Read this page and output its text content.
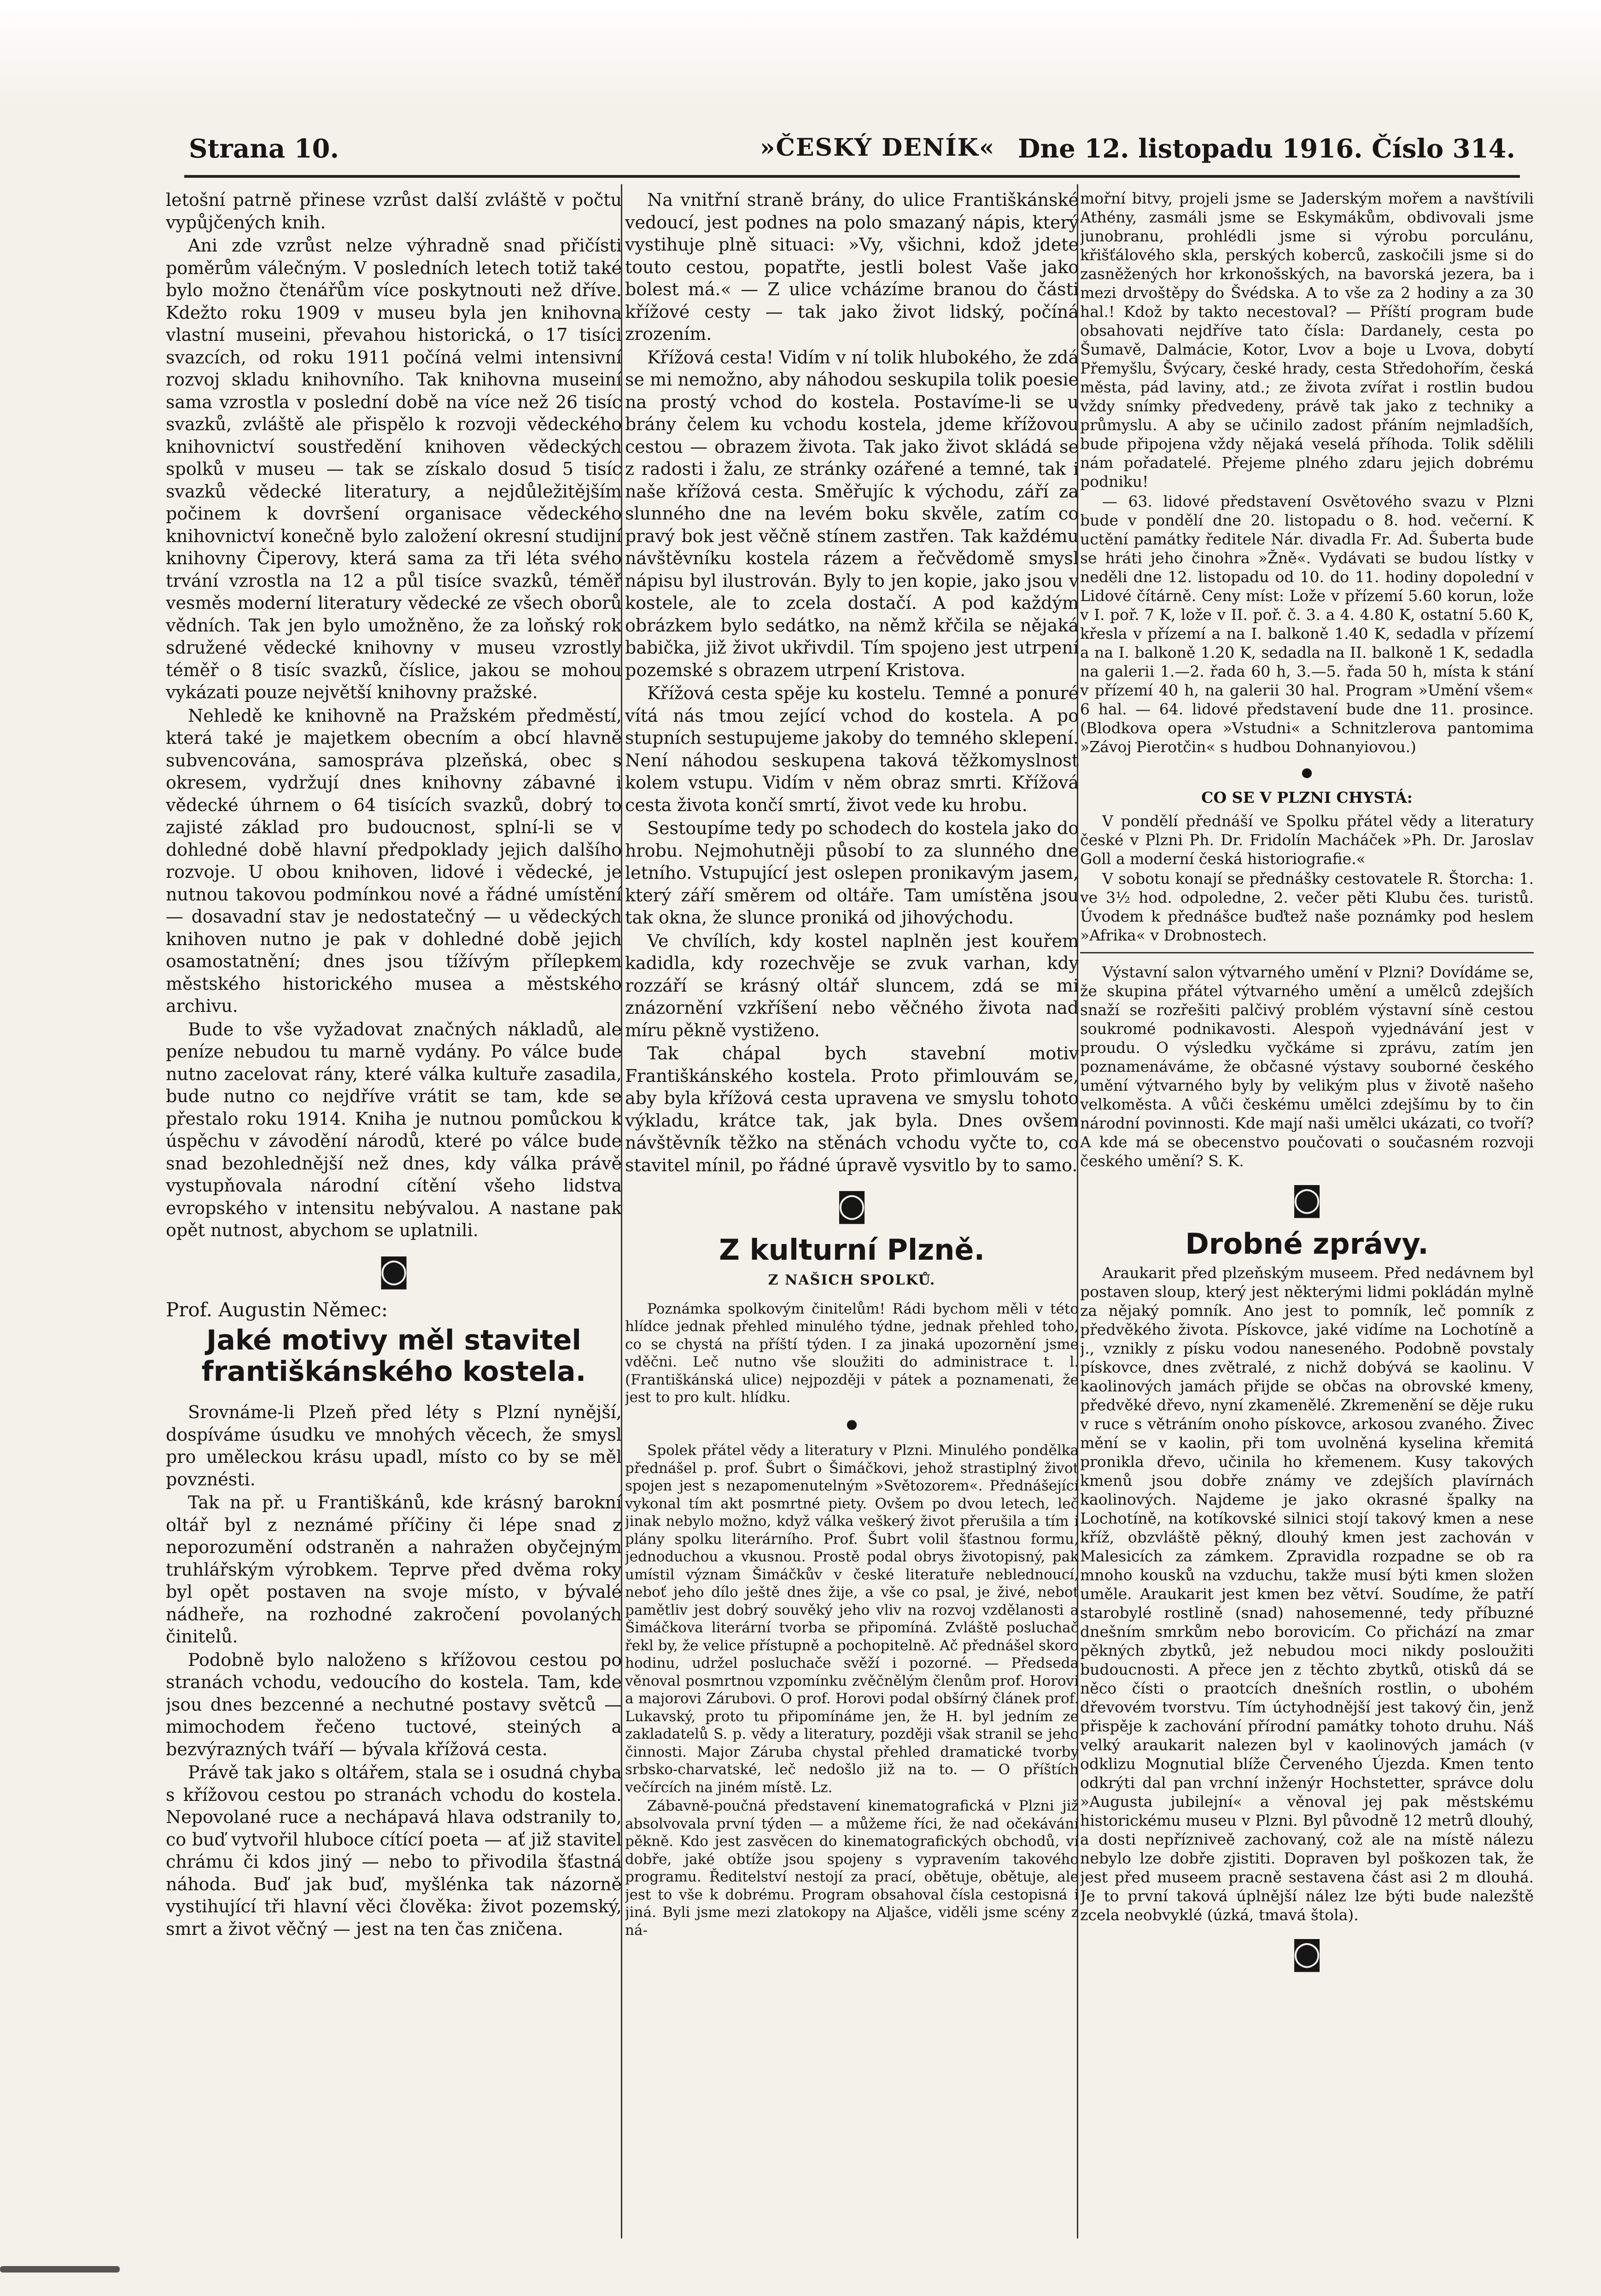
Strana 10.	»ČESKÝ DENÍK« Dne 12. listopadu 1916. Číslo 314.

letošní patrně přinese vzrůst další zvláště v počtu vypůjčených knih.

Ani zde vzrůst nelze výhradně snad přičísti poměrům válečným. V posledních letech totiž také bylo možno čtenářům více poskytnouti než dříve. Kdežto roku 1909 v museu byla jen knihovna vlastní museini, převahou historická, o 17 tisíci svazcích, od roku 1911 počíná velmi intensivní rozvoj skladu knihovního. Tak knihovna museiní sama vzrostla v poslední době na více než 26 tisíc svazků, zvláště ale přispělo k rozvoji vědeckého knihovnictví soustředění knihoven vědeckých spolků v museu — tak se získalo dosud 5 tisíc svazků vědecké literatury, a nejdůležitějším počinem k dovršení organisace vědeckého knihovnictví konečně bylo založení okresní studijní knihovny Čiperovy, která sama za tři léta svého trvání vzrostla na 12 a půl tisíce svazků, téměř vesměs moderní literatury vědecké ze všech oborů vědních. Tak jen bylo umožněno, že za loňský rok sdružené vědecké knihovny v museu vzrostly téměř o 8 tisíc svazků, číslice, jakou se mohou vykázati pouze největší knihovny pražské.

Nehledě ke knihovně na Pražském předměstí, která také je majetkem obecním a obcí hlavně subvencována, samospráva plzeňská, obec s okresem, vydržují dnes knihovny zábavné i vědecké úhrnem o 64 tisících svazků, dobrý to zajisté základ pro budoucnost, splní-li se v dohledné době hlavní předpoklady jejich dalšího rozvoje. U obou knihoven, lidové i vědecké, je nutnou takovou podmínkou nové a řádné umístění — dosavadní stav je nedostatečný — u vědeckých knihoven nutno je pak v dohledné době jejich osamostatnění; dnes jsou tížívým přílepkem městského historického musea a městského archivu.

Bude to vše vyžadovat značných nákladů, ale peníze nebudou tu marně vydány. Po válce bude nutno zacelovat rány, které válka kultuře zasadila, bude nutno co nejdříve vrátit se tam, kde se přestalo roku 1914. Kniha je nutnou pomůckou k úspěchu v závodění národů, které po válce bude snad bezohlednější než dnes, kdy válka právě vystupňovala národní cítění všeho lidstva evropského v intensitu nebývalou. A nastane pak opět nutnost, abychom se uplatnili.

◙
Prof. Augustin Němec:
Jaké motivy měl stavitel františkánského kostela.

Srovnáme-li Plzeň před léty s Plzní nynější, dospíváme úsudku ve mnohých věcech, že smysl pro uměleckou krásu upadl, místo co by se měl povznésti.

Tak na př. u Františkánů, kde krásný barokní oltář byl z neznámé příčiny či lépe snad z neporozumění odstraněn a nahražen obyčejným truhlářským výrobkem. Teprve před dvěma roky byl opět postaven na svoje místo, v bývalé nádheře, na rozhodné zakročení povolaných činitelů.

Podobně bylo naloženo s křížovou cestou po stranách vchodu, vedoucího do kostela. Tam, kde jsou dnes bezcenné a nechutné postavy světců — mimochodem řečeno tuctové, steiných a bezvýrazných tváří — bývala křížová cesta.

Právě tak jako s oltářem, stala se i osudná chyba s křížovou cestou po stranách vchodu do kostela. Nepovolané ruce a nechápavá hlava odstranily to, co buď vytvořil hluboce cítící poeta — ať již stavitel chrámu či kdos jiný — nebo to přivodila šťastná náhoda. Buď jak buď, myšlénka tak názorně vystihující tři hlavní věci člověka: život pozemský, smrt a život věčný — jest na ten čas zničena.

Na vnitřní straně brány, do ulice Františkánské vedoucí, jest podnes na polo smazaný nápis, který vystihuje plně situaci: »Vy, všichni, kdož jdete touto cestou, popatřte, jestli bolest Vaše jako bolest má.« — Z ulice vcházíme branou do části křížové cesty — tak jako život lidský, počíná zrozením.

Křížová cesta! Vidím v ní tolik hlubokého, že zdá se mi nemožno, aby náhodou seskupila tolik poesie na prostý vchod do kostela. Postavíme-li se u brány čelem ku vchodu kostela, jdeme křížovou cestou — obrazem života. Tak jako život skládá se z radosti i žalu, ze stránky ozářené a temné, tak i naše křížová cesta. Směřujíc k východu, září za slunného dne na levém boku skvěle, zatím co pravý bok jest věčně stínem zastřen. Tak každému návštěvníku kostela rázem a řečvědomě smysl nápisu byl ilustrován. Byly to jen kopie, jako jsou v kostele, ale to zcela dostačí. A pod každým obrázkem bylo sedátko, na němž křčila se nějaká babička, již život ukřivdil. Tím spojeno jest utrpení pozemské s obrazem utrpení Kristova.

Křížová cesta spěje ku kostelu. Temné a ponuré vítá nás tmou zející vchod do kostela. A po stupních sestupujeme jakoby do temného sklepení. Není náhodou seskupena taková těžkomyslnost kolem vstupu. Vidím v něm obraz smrti. Křížová cesta života končí smrtí, život vede ku hrobu.

Sestoupíme tedy po schodech do kostela jako do hrobu. Nejmohutněji působí to za slunného dne letního. Vstupující jest oslepen pronikavým jasem, který září směrem od oltáře. Tam umístěna jsou tak okna, že slunce proniká od jihovýchodu.

Ve chvílích, kdy kostel naplněn jest kouřem kadidla, kdy rozechvěje se zvuk varhan, kdy rozzáří se krásný oltář sluncem, zdá se mi znázornění vzkříšení nebo věčného života nad míru pěkně vystiženo.

Tak chápal bych stavební motiv Františkánského kostela. Proto přimlouvám se, aby byla křížová cesta upravena ve smyslu tohoto výkladu, krátce tak, jak byla. Dnes ovšem návštěvník těžko na stěnách vchodu vyčte to, co stavitel mínil, po řádné úpravě vysvitlo by to samo.

◙
Z kulturní Plzně.
Z NAŠICH SPOLKŮ.

Poznámka spolkovým činitelům! Rádi bychom měli v této hlídce jednak přehled minulého týdne, jednak přehled toho, co se chystá na příští týden. I za jinaká upozornění jsme vděčni. Leč nutno vše sloužiti do administrace t. l. (Františkánská ulice) nejpozději v pátek a poznamenati, že jest to pro kult. hlídku.

●

Spolek přátel vědy a literatury v Plzni. Minulého pondělka přednášel p. prof. Šubrt o Šimáčkovi, jehož strastiplný život spojen jest s nezapomenutelným »Světozorem«. Přednášející vykonal tím akt posmrtné piety. Ovšem po dvou letech, leč jinak nebylo možno, když válka veškerý život přerušila a tím i plány spolku literárního. Prof. Šubrt volil šťastnou formu, jednoduchou a vkusnou. Prostě podal obrys životopisný, pak umístil význam Šimáčkův v české literatuře neblednoucí, neboť jeho dílo ještě dnes žije, a vše co psal, je živé, neboť pamětliv jest dobrý souvěký jeho vliv na rozvoj vzdělanosti a Šimáčkova literární tvorba se připomíná. Zvláště posluchač řekl by, že velice přístupně a pochopitelně. Ač přednášel skoro hodinu, udržel posluchače svěží i pozorné. — Předseda věnoval posmrtnou vzpomínku zvěčnělým členům prof. Horovi a majorovi Zárubovi. O prof. Horovi podal obšírný článek prof. Lukavský, proto tu připomínáme jen, že H. byl jedním ze zakladatelů S. p. vědy a literatury, později však stranil se jeho činnosti. Major Záruba chystal přehled dramatické tvorby srbsko-charvatské, leč nedošlo již na to. — O příštích večírcích na jiném místě. Lz.

Zábavně-poučná představení kinematografická v Plzni již absolvovala první týden — a můžeme říci, že nad očekávání pěkně. Kdo jest zasvěcen do kinematografických obchodů, ví dobře, jaké obtíže jsou spojeny s vypravením takového programu. Ředitelství nestojí za prací, obětuje, obětuje, ale jest to vše k dobrému. Program obsahoval čísla cestopisná i jiná. Byli jsme mezi zlatokopy na Aljašce, viděli jsme scény z ná-

mořní bitvy, projeli jsme se Jaderským mořem a navštívili Athény, zasmáli jsme se Eskymákům, obdivovali jsme junobranu, prohlédli jsme si výrobu porculánu, křišťálového skla, perských koberců, zaskočili jsme si do zasněžených hor krkonošských, na bavorská jezera, ba i mezi drvoštěpy do Švédska. A to vše za 2 hodiny a za 30 hal.! Kdož by takto necestoval? — Příští program bude obsahovati nejdříve tato čísla: Dardanely, cesta po Šumavě, Dalmácie, Kotor, Lvov a boje u Lvova, dobytí Přemyšlu, Švýcary, české hrady, cesta Středohořím, česká města, pád laviny, atd.; ze života zvířat i rostlin budou vždy snímky předvedeny, právě tak jako z techniky a průmyslu. A aby se učinilo zadost přáním nejmladších, bude připojena vždy nějaká veselá příhoda. Tolik sdělili nám pořadatelé. Přejeme plného zdaru jejich dobrému podniku!

— 63. lidové představení Osvětového svazu v Plzni bude v pondělí dne 20. listopadu o 8. hod. večerní. K uctění památky ředitele Nár. divadla Fr. Ad. Šuberta bude se hráti jeho činohra »Žně«. Vydávati se budou lístky v neděli dne 12. listopadu od 10. do 11. hodiny dopolední v Lidové čítárně. Ceny míst: Lože v přízemí 5.60 korun, lože v I. poř. 7 K, lože v II. poř. č. 3. a 4. 4.80 K, ostatní 5.60 K, křesla v přízemí a na I. balkoně 1.40 K, sedadla v přízemí a na I. balkoně 1.20 K, sedadla na II. balkoně 1 K, sedadla na galerii 1.—2. řada 60 h, 3.—5. řada 50 h, místa k stání v přízemí 40 h, na galerii 30 hal. Program »Umění všem« 6 hal. — 64. lidové představení bude dne 11. prosince. (Blodkova opera »Vstudni« a Schnitzlerova pantomima »Závoj Pierotčin« s hudbou Dohnanyiovou.)

●
CO SE V PLZNI CHYSTÁ:

V pondělí přednáší ve Spolku přátel vědy a literatury české v Plzni Ph. Dr. Fridolín Macháček »Ph. Dr. Jaroslav Goll a moderní česká historiografie.«

V sobotu konají se přednášky cestovatele R. Štorcha: 1. ve 3½ hod. odpoledne, 2. večer pěti Klubu čes. turistů. Úvodem k přednášce buďtež naše poznámky pod heslem »Afrika« v Drobnostech.

Výstavní salon výtvarného umění v Plzni? Dovídáme se, že skupina přátel výtvarného umění a umělců zdejších snaží se rozřešiti palčivý problém výstavní síně cestou soukromé podnikavosti. Alespoň vyjednávání jest v proudu. O výsledku vyčkáme si zprávu, zatím jen poznamenáváme, že občasné výstavy souborné českého umění výtvarného byly by velikým plus v životě našeho velkoměsta. A vůči českému umělci zdejšímu by to čin národní povinnosti. Kde mají naši umělci ukázati, co tvoří? A kde má se obecenstvo poučovati o současném rozvoji českého umění? S. K.

◙
Drobné zprávy.

Araukarit před plzeňským museem. Před nedávnem byl postaven sloup, který jest některými lidmi pokládán mylně za nějaký pomník. Ano jest to pomník, leč pomník z předvěkého života. Pískovce, jaké vidíme na Lochotíně a j., vznikly z písku vodou naneseného. Podobně povstaly pískovce, dnes zvětralé, z nichž dobývá se kaolinu. V kaolinových jamách přijde se občas na obrovské kmeny, předvěké dřevo, nyní zkamenělé. Zkremenění se děje ruku v ruce s větráním onoho pískovce, arkosou zvaného. Živec mění se v kaolin, při tom uvolněná kyselina křemitá pronikla dřevo, učinila ho křemenem. Kusy takových kmenů jsou dobře známy ve zdejších plavírnách kaolinových. Najdeme je jako okrasné špalky na Lochotíně, na kotíkovské silnici stojí takový kmen a nese kříž, obzvláště pěkný, dlouhý kmen jest zachován v Malesicích za zámkem. Zpravidla rozpadne se ob ra mnoho kousků na vzduchu, takže musí býti kmen složen uměle. Araukarit jest kmen bez větví. Soudíme, že patří starobylé rostlině (snad) nahosemenné, tedy příbuzné dnešním smrkům nebo borovicím. Co přichází na zmar pěkných zbytků, jež nebudou moci nikdy posloužiti budoucnosti. A přece jen z těchto zbytků, otisků dá se něco čísti o praotcích dnešních rostlin, o ubohém dřevovém tvorstvu. Tím úctyhodnější jest takový čin, jenž přispěje k zachování přírodní památky tohoto druhu. Náš velký araukarit nalezen byl v kaolinových jamách (v odklizu Mognutial blíže Červeného Újezda. Kmen tento odkrýti dal pan vrchní inženýr Hochstetter, správce dolu »Augusta jubilejní« a věnoval jej pak městskému historickému museu v Plzni. Byl původně 12 metrů dlouhý, a dosti nepřízniveě zachovaný, což ale na místě nálezu nebylo lze dobře zjistiti. Dopraven byl poškozen tak, že jest před museem pracně sestavena část asi 2 m dlouhá. Je to první taková úplnější nález lze býti bude nalezště zcela neobvyklé (úzká, tmavá štola).

◙
